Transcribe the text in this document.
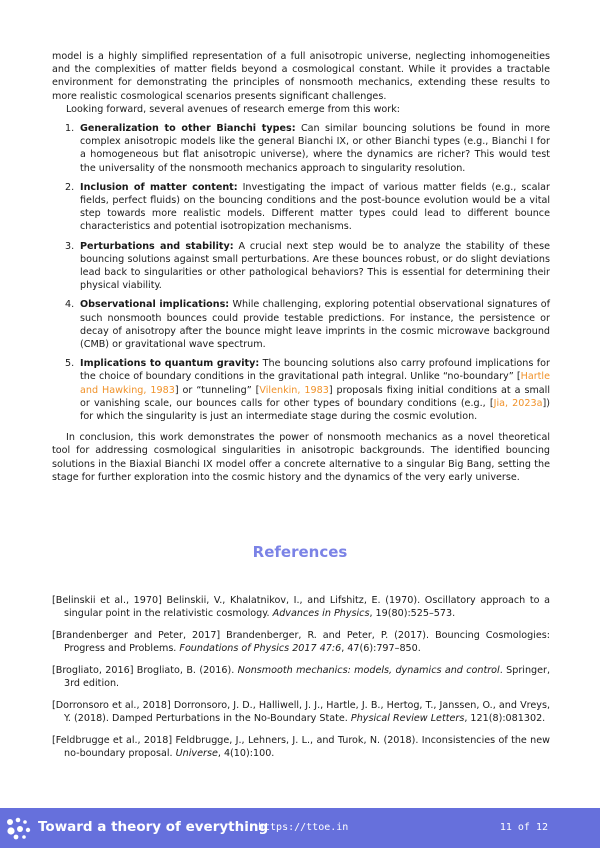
model is a highly simplified representation of a full anisotropic universe, neglecting inhomogeneities and the complexities of matter fields beyond a cosmological constant. While it provides a tractable environment for demonstrating the principles of nonsmooth mechanics, extending these results to more realistic cosmological scenarios presents significant challenges.

Looking forward, several avenues of research emerge from this work:

1. Generalization to other Bianchi types: Can similar bouncing solutions be found in more complex anisotropic models like the general Bianchi IX, or other Bianchi types (e.g., Bianchi I for a homogeneous but flat anisotropic universe), where the dynamics are richer? This would test the universality of the nonsmooth mechanics approach to singularity resolution.

2. Inclusion of matter content: Investigating the impact of various matter fields (e.g., scalar fields, perfect fluids) on the bouncing conditions and the post-bounce evolution would be a vital step towards more realistic models. Different matter types could lead to different bounce characteristics and potential isotropization mechanisms.

3. Perturbations and stability: A crucial next step would be to analyze the stability of these bouncing solutions against small perturbations. Are these bounces robust, or do slight deviations lead back to singularities or other pathological behaviors? This is essential for determining their physical viability.

4. Observational implications: While challenging, exploring potential observational signatures of such nonsmooth bounces could provide testable predictions. For instance, the persistence or decay of anisotropy after the bounce might leave imprints in the cosmic microwave background (CMB) or gravitational wave spectrum.

5. Implications to quantum gravity: The bouncing solutions also carry profound implications for the choice of boundary conditions in the gravitational path integral. Unlike “no-boundary” [Hartle and Hawking, 1983] or “tunneling” [Vilenkin, 1983] proposals fixing initial conditions at a small or vanishing scale, our bounces calls for other types of boundary conditions (e.g., [Jia, 2023a]) for which the singularity is just an intermediate stage during the cosmic evolution.

In conclusion, this work demonstrates the power of nonsmooth mechanics as a novel theoretical tool for addressing cosmological singularities in anisotropic backgrounds. The identified bouncing solutions in the Biaxial Bianchi IX model offer a concrete alternative to a singular Big Bang, setting the stage for further exploration into the cosmic history and the dynamics of the very early universe.

References

[Belinskii et al., 1970] Belinskii, V., Khalatnikov, I., and Lifshitz, E. (1970). Oscillatory approach to a singular point in the relativistic cosmology. Advances in Physics, 19(80):525–573.

[Brandenberger and Peter, 2017] Brandenberger, R. and Peter, P. (2017). Bouncing Cosmologies: Progress and Problems. Foundations of Physics 2017 47:6, 47(6):797–850.

[Brogliato, 2016] Brogliato, B. (2016). Nonsmooth mechanics: models, dynamics and control. Springer, 3rd edition.

[Dorronsoro et al., 2018] Dorronsoro, J. D., Halliwell, J. J., Hartle, J. B., Hertog, T., Janssen, O., and Vreys, Y. (2018). Damped Perturbations in the No-Boundary State. Physical Review Letters, 121(8):081302.

[Feldbrugge et al., 2018] Feldbrugge, J., Lehners, J. L., and Turok, N. (2018). Inconsistencies of the new no-boundary proposal. Universe, 4(10):100.

Toward a theory of everything
https://ttoe.in	11 of 12
